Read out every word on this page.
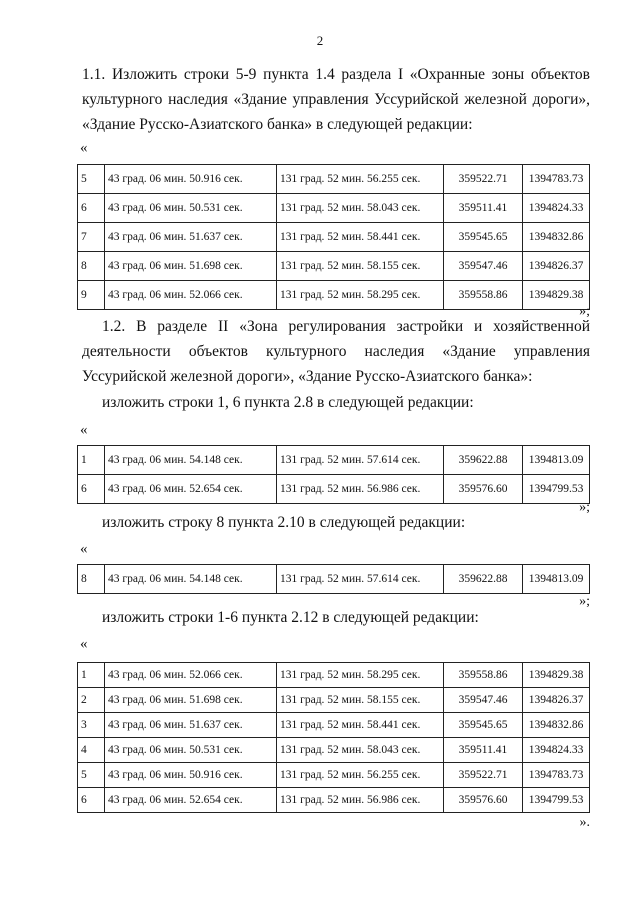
2
1.1. Изложить строки 5-9 пункта 1.4 раздела I «Охранные зоны объектов культурного наследия «Здание управления Уссурийской железной дороги», «Здание Русско-Азиатского банка» в следующей редакции:
«
5	43 град. 06 мин. 50.916 сек.	131 град. 52 мин. 56.255 сек.	359522.71	1394783.73
6	43 град. 06 мин. 50.531 сек.	131 град. 52 мин. 58.043 сек.	359511.41	1394824.33
7	43 град. 06 мин. 51.637 сек.	131 град. 52 мин. 58.441 сек.	359545.65	1394832.86
8	43 град. 06 мин. 51.698 сек.	131 град. 52 мин. 58.155 сек.	359547.46	1394826.37
9	43 град. 06 мин. 52.066 сек.	131 град. 52 мин. 58.295 сек.	359558.86	1394829.38
»;
1.2. В разделе II «Зона регулирования застройки и хозяйственной деятельности объектов культурного наследия «Здание управления Уссурийской железной дороги», «Здание Русско-Азиатского банка»:
изложить строки 1, 6 пункта 2.8 в следующей редакции:
«
1	43 град. 06 мин. 54.148 сек.	131 град. 52 мин. 57.614 сек.	359622.88	1394813.09
6	43 град. 06 мин. 52.654 сек.	131 град. 52 мин. 56.986 сек.	359576.60	1394799.53
»;
изложить строку 8 пункта 2.10 в следующей редакции:
«
8	43 град. 06 мин. 54.148 сек.	131 град. 52 мин. 57.614 сек.	359622.88	1394813.09
»;
изложить строки 1-6 пункта 2.12 в следующей редакции:
«
1	43 град. 06 мин. 52.066 сек.	131 град. 52 мин. 58.295 сек.	359558.86	1394829.38
2	43 град. 06 мин. 51.698 сек.	131 град. 52 мин. 58.155 сек.	359547.46	1394826.37
3	43 град. 06 мин. 51.637 сек.	131 град. 52 мин. 58.441 сек.	359545.65	1394832.86
4	43 град. 06 мин. 50.531 сек.	131 град. 52 мин. 58.043 сек.	359511.41	1394824.33
5	43 град. 06 мин. 50.916 сек.	131 град. 52 мин. 56.255 сек.	359522.71	1394783.73
6	43 град. 06 мин. 52.654 сек.	131 град. 52 мин. 56.986 сек.	359576.60	1394799.53
».
